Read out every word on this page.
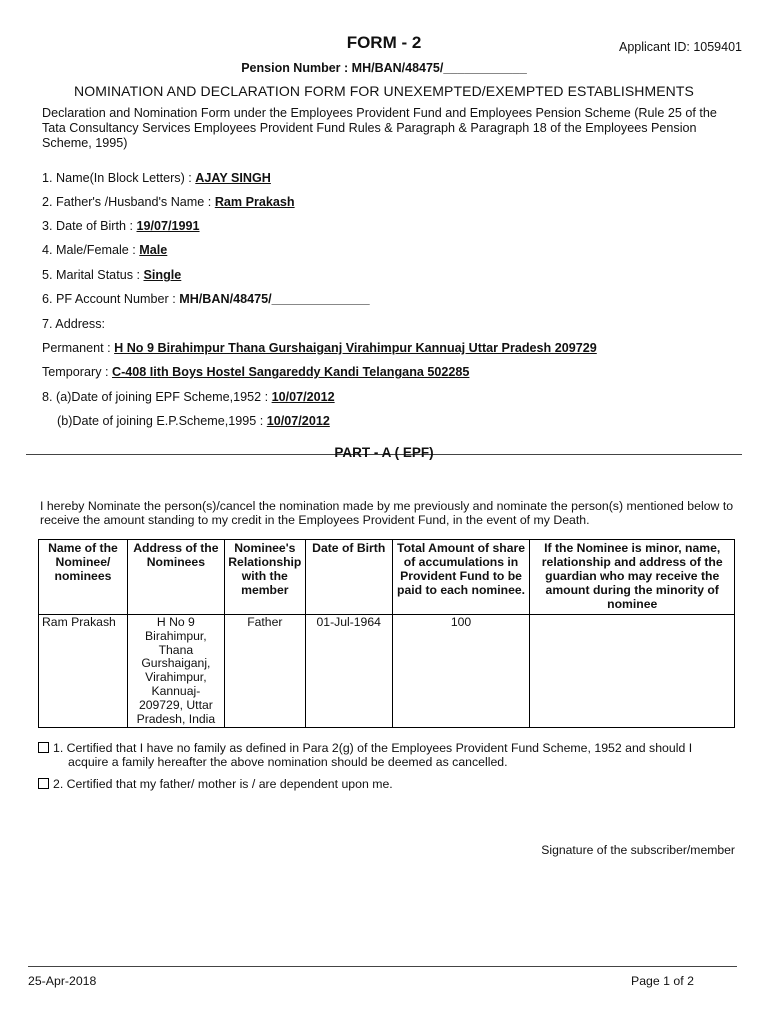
FORM - 2	Applicant ID: 1059401
Pension Number : MH/BAN/48475/____________
NOMINATION AND DECLARATION FORM FOR UNEXEMPTED/EXEMPTED ESTABLISHMENTS
Declaration and Nomination Form under the Employees Provident Fund and Employees Pension Scheme (Rule 25 of the Tata Consultancy Services Employees Provident Fund Rules & Paragraph & Paragraph 18 of the Employees Pension Scheme, 1995)
1. Name(In Block Letters) : AJAY SINGH
2. Father's /Husband's Name : Ram Prakash
3. Date of Birth : 19/07/1991
4. Male/Female : Male
5. Marital Status : Single
6. PF Account Number : MH/BAN/48475/______________
7. Address:
Permanent : H No 9 Birahimpur Thana Gurshaiganj Virahimpur Kannuaj Uttar Pradesh 209729
Temporary : C-408 Iith Boys Hostel Sangareddy Kandi Telangana 502285
8. (a)Date of joining EPF Scheme,1952 : 10/07/2012
(b)Date of joining E.P.Scheme,1995 : 10/07/2012
PART - A ( EPF)
I hereby Nominate the person(s)/cancel the nomination made by me previously and nominate the person(s) mentioned below to receive the amount standing to my credit in the Employees Provident Fund, in the event of my Death.
Name of the Nominee/ nominees	Address of the Nominees	Nominee's Relationship with the member	Date of Birth	Total Amount of share of accumulations in Provident Fund to be paid to each nominee.	If the Nominee is minor, name, relationship and address of the guardian who may receive the amount during the minority of nominee
Ram Prakash	H No 9 Birahimpur, Thana Gurshaiganj, Virahimpur, Kannuaj-209729, Uttar Pradesh, India	Father	01-Jul-1964	100	
1. Certified that I have no family as defined in Para 2(g) of the Employees Provident Fund Scheme, 1952 and should I
acquire a family hereafter the above nomination should be deemed as cancelled.
2. Certified that my father/ mother is / are dependent upon me.
Signature of the subscriber/member
25-Apr-2018	Page 1 of 2
